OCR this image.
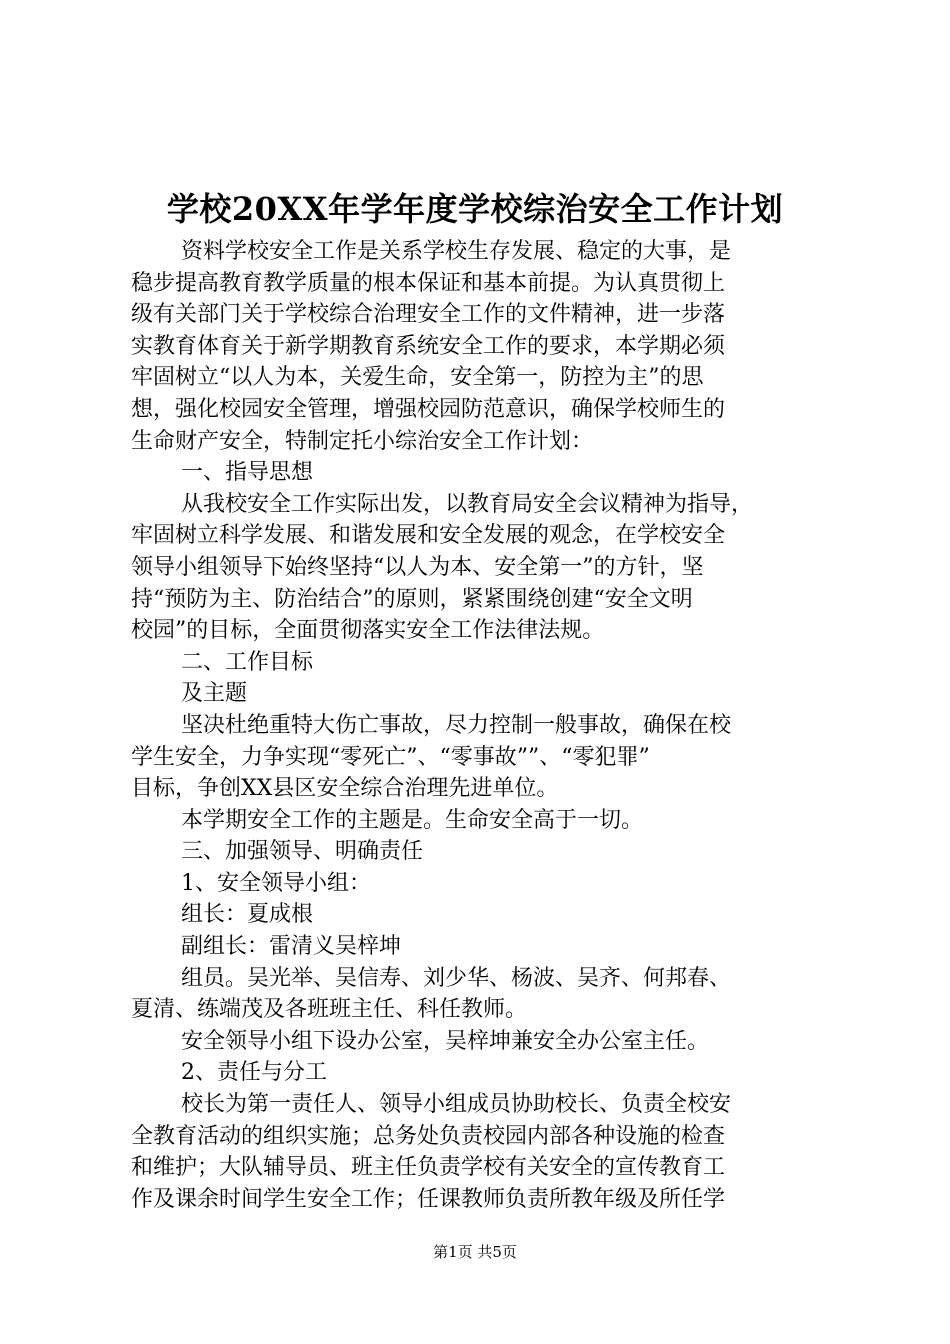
学校20XX年学年度学校综治安全工作计划
资料学校安全工作是关系学校生存发展、稳定的大事，是
稳步提高教育教学质量的根本保证和基本前提。为认真贯彻上
级有关部门关于学校综合治理安全工作的文件精神，进一步落
实教育体育关于新学期教育系统安全工作的要求，本学期必须
牢固树立“以人为本，关爱生命，安全第一，防控为主”的思
想，强化校园安全管理，增强校园防范意识，确保学校师生的
生命财产安全，特制定托小综治安全工作计划：
一、指导思想
从我校安全工作实际出发，以教育局安全会议精神为指导，
牢固树立科学发展、和谐发展和安全发展的观念，在学校安全
领导小组领导下始终坚持“以人为本、安全第一”的方针，坚
持“预防为主、防治结合”的原则，紧紧围绕创建“安全文明
校园”的目标，全面贯彻落实安全工作法律法规。
二、工作目标
及主题
坚决杜绝重特大伤亡事故，尽力控制一般事故，确保在校
学生安全，力争实现“零死亡”、“零事故””、“零犯罪”
目标，争创XX县区安全综合治理先进单位。
本学期安全工作的主题是。生命安全高于一切。
三、加强领导、明确责任
1、安全领导小组：
组长：夏成根
副组长：雷清义吴梓坤
组员。吴光举、吴信寿、刘少华、杨波、吴齐、何邦春、
夏清、练端茂及各班班主任、科任教师。
安全领导小组下设办公室，吴梓坤兼安全办公室主任。
2、责任与分工
校长为第一责任人、领导小组成员协助校长、负责全校安
全教育活动的组织实施；总务处负责校园内部各种设施的检查
和维护；大队辅导员、班主任负责学校有关安全的宣传教育工
作及课余时间学生安全工作；任课教师负责所教年级及所任学
第1页 共5页
